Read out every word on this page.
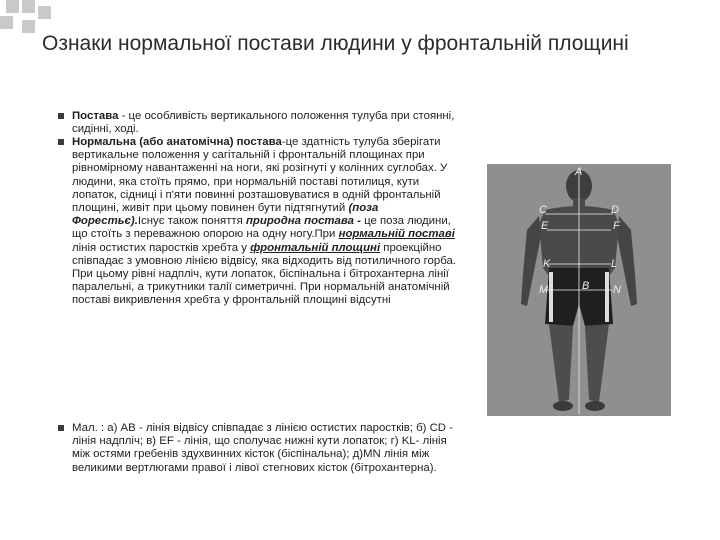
Ознаки нормальної постави людини у фронтальній площині
Постава - це особливість вертикального положення тулуба при стоянні, сидінні, ході.
Нормальна (або анатомічна) постава-це здатність тулуба зберігати вертикальне положення у сагітальній і фронтальній площинах при рівномірному навантаженні на ноги, які розігнуті у колінних суглобах. У людини, яка стоїть прямо, при нормальній поставі потилиця, кути лопаток, сідниці і п'яти повинні розташовуватися в одній фронтальній площині, живіт при цьому повинен бути підтягнутий (поза Форестьє).Існує також поняття природна постава - це поза людини, що стоїть з переважною опорою на одну ногу.При нормальній поставі лінія остистих паростків хребта у фронтальній площині проекційно співпадає з умовною лінією відвісу, яка відходить від потиличного горба. При цьому рівні надпліч, кути лопаток, біспінальна і бітрохантерна лінії паралельні, а трикутники талії симетричні. При нормальній анатомічній поставі викривлення хребта у фронтальній площині відсутні
Мал. : а) АВ - лінія відвісу співпадає з лінією остистих паростків; б) CD - лінія надпліч; в) EF - лінія, що сполучає нижні кути лопаток; г) KL- лінія між остями гребенів здухвинних кісток (біспінальна); д)MN лінія між великими вертлюгами правої і лівої стегнових кісток (бітрохантерна).
A
C	D
E	F
K	L
M	N
B
